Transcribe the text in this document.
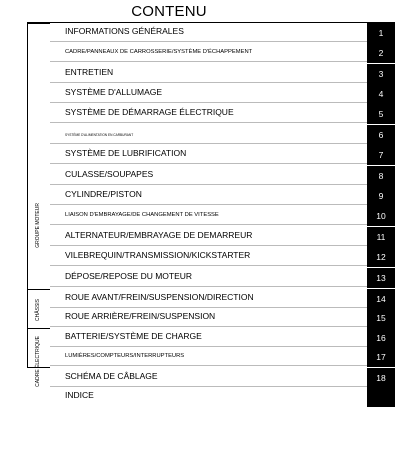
CONTENU
GROUPE MOTEUR
CHÂSSIS
CADRE ÉLECTRIQUE
INFORMATIONS GÉNÉRALES	1
CADRE/PANNEAUX DE CARROSSERIE/SYSTÈME D'ÉCHAPPEMENT	2
ENTRETIEN	3
SYSTÈME D'ALLUMAGE	4
SYSTÈME DE DÉMARRAGE ÉLECTRIQUE	5
SYSTÈME D'ALIMENTATION EN CARBURANT	6
SYSTÈME DE LUBRIFICATION	7
CULASSE/SOUPAPES	8
CYLINDRE/PISTON	9
LIAISON D'EMBRAYAGE/DE CHANGEMENT DE VITESSE	10
ALTERNATEUR/EMBRAYAGE DE DEMARREUR	11
VILEBREQUIN/TRANSMISSION/KICKSTARTER	12
DÉPOSE/REPOSE DU MOTEUR	13
ROUE AVANT/FREIN/SUSPENSION/DIRECTION	14
ROUE ARRIÈRE/FREIN/SUSPENSION	15
BATTERIE/SYSTÈME DE CHARGE	16
LUMIÈRES/COMPTEURS/INTERRUPTEURS	17
SCHÉMA DE CÂBLAGE	18
INDICE
